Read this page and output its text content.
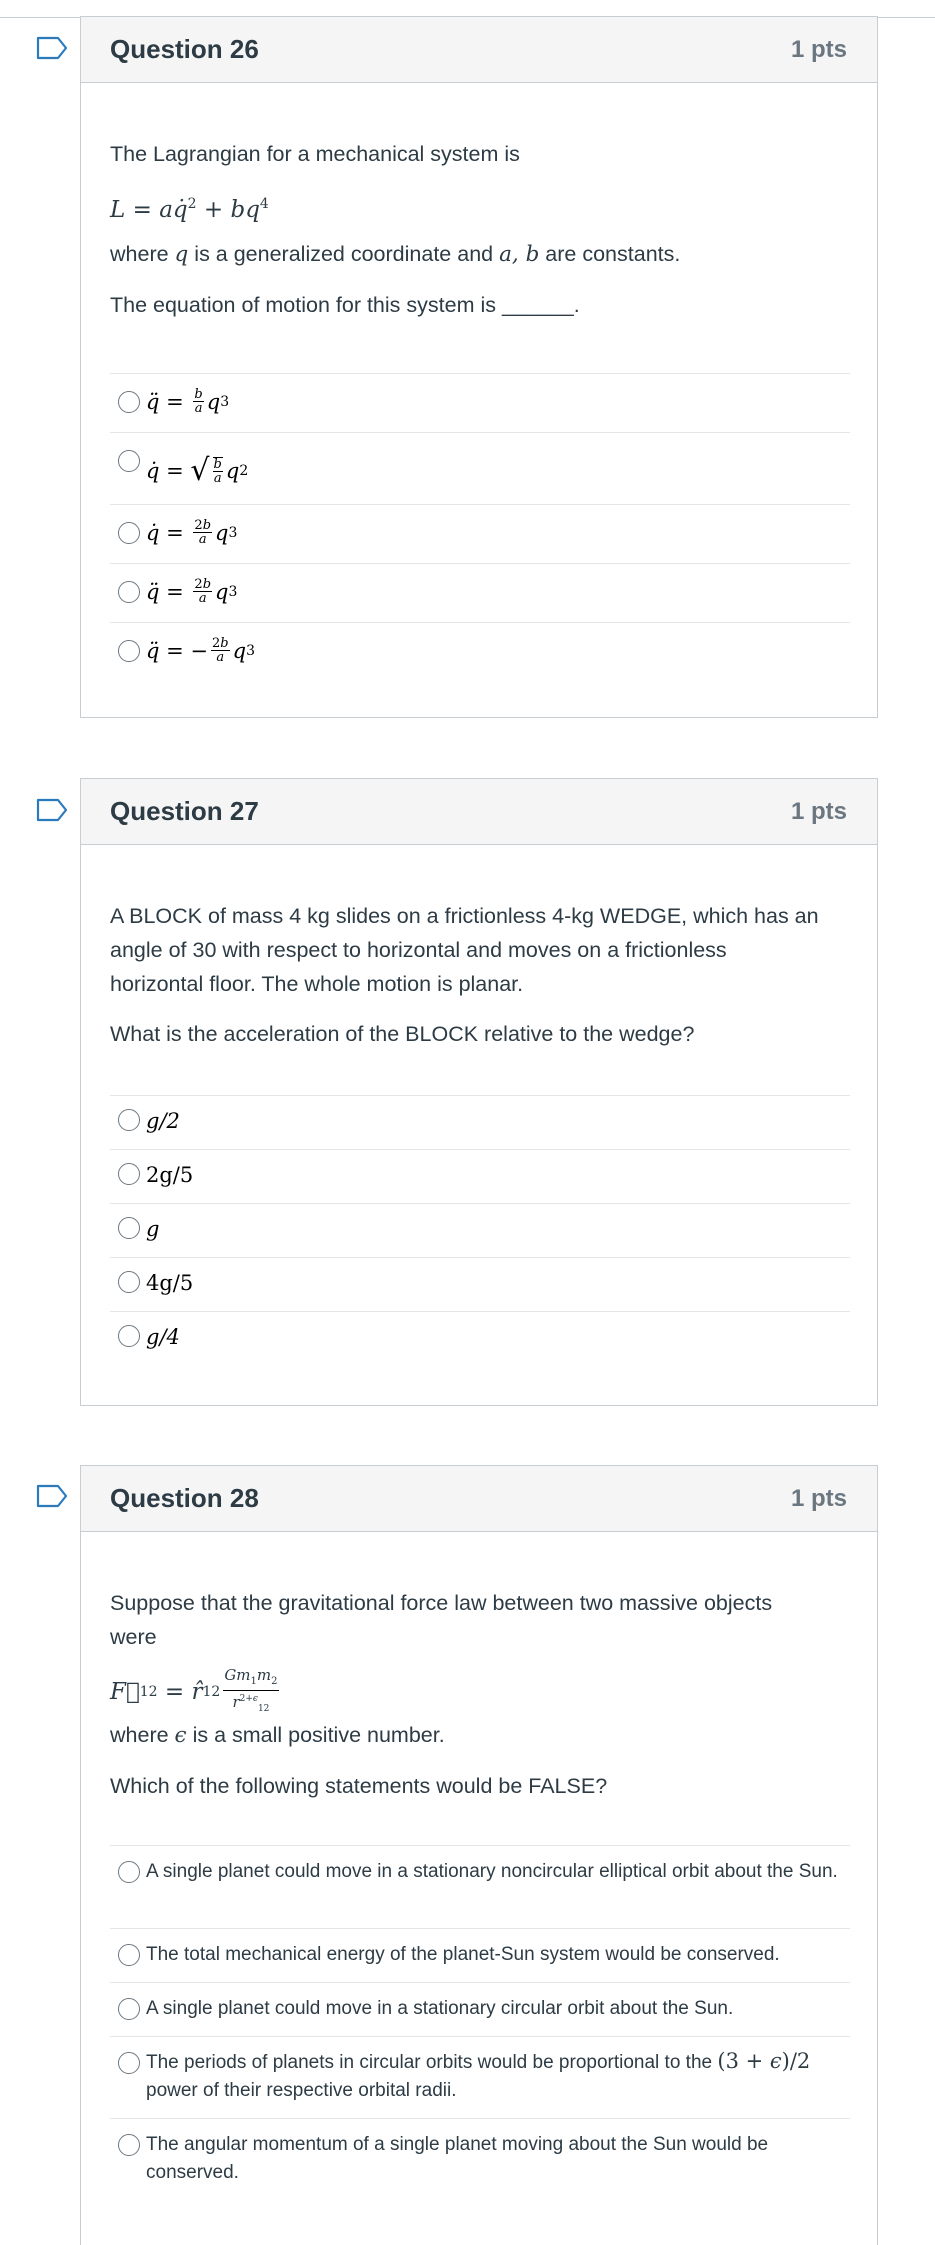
Question 26	1 pts
The Lagrangian for a mechanical system is
L = aq̇$^2$ + $bq^4$
where q is a generalized coordinate and a, b are constants.
The equation of motion for this system is ______.
q̈ = $\frac{b}{a}$ q 3
q̇ = √ $\frac{b}{a}$ q 2
q̇ = $\frac{2b}{a}$ q 3
q̈ = $\frac{2b}{a}$ q 3
q̈ = − $\frac{2b}{a}$ q 3
Question 27	1 pts
A BLOCK of mass 4 kg slides on a frictionless 4-kg WEDGE, which has an
angle of 30 with respect to horizontal and moves on a frictionless
horizontal floor. The whole motion is planar.
What is the acceleration of the BLOCK relative to the wedge?
g/2
2g/5
g
4g/5
g/4
Question 28	1 pts
Suppose that the gravitational force law between two massive objects
were
F⃗ 12 = r̂ $12 \frac{Gm_1m_2}{r^{2+\epsilon}_{12}}$
where ϵ is a small positive number.
Which of the following statements would be FALSE?
A single planet could move in a stationary noncircular elliptical orbit about the Sun.
The total mechanical energy of the planet-Sun system would be conserved.
A single planet could move in a stationary circular orbit about the Sun.
The periods of planets in circular orbits would be proportional to the (3 + ϵ)/2
power of their respective orbital radii.
The angular momentum of a single planet moving about the Sun would be conserved.
